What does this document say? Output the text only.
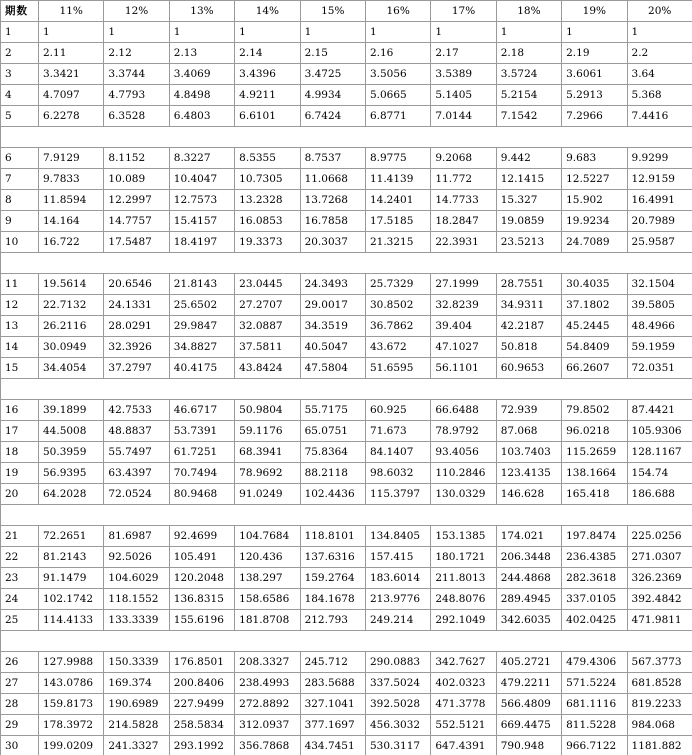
期数	11%	12%	13%	14%	15%	16%	17%	18%	19%	20%
1	1	1	1	1	1	1	1	1	1	1
2	2.11	2.12	2.13	2.14	2.15	2.16	2.17	2.18	2.19	2.2
3	3.3421	3.3744	3.4069	3.4396	3.4725	3.5056	3.5389	3.5724	3.6061	3.64
4	4.7097	4.7793	4.8498	4.9211	4.9934	5.0665	5.1405	5.2154	5.2913	5.368
5	6.2278	6.3528	6.4803	6.6101	6.7424	6.8771	7.0144	7.1542	7.2966	7.4416

6	7.9129	8.1152	8.3227	8.5355	8.7537	8.9775	9.2068	9.442	9.683	9.9299
7	9.7833	10.089	10.4047	10.7305	11.0668	11.4139	11.772	12.1415	12.5227	12.9159
8	11.8594	12.2997	12.7573	13.2328	13.7268	14.2401	14.7733	15.327	15.902	16.4991
9	14.164	14.7757	15.4157	16.0853	16.7858	17.5185	18.2847	19.0859	19.9234	20.7989
10	16.722	17.5487	18.4197	19.3373	20.3037	21.3215	22.3931	23.5213	24.7089	25.9587

11	19.5614	20.6546	21.8143	23.0445	24.3493	25.7329	27.1999	28.7551	30.4035	32.1504
12	22.7132	24.1331	25.6502	27.2707	29.0017	30.8502	32.8239	34.9311	37.1802	39.5805
13	26.2116	28.0291	29.9847	32.0887	34.3519	36.7862	39.404	42.2187	45.2445	48.4966
14	30.0949	32.3926	34.8827	37.5811	40.5047	43.672	47.1027	50.818	54.8409	59.1959
15	34.4054	37.2797	40.4175	43.8424	47.5804	51.6595	56.1101	60.9653	66.2607	72.0351

16	39.1899	42.7533	46.6717	50.9804	55.7175	60.925	66.6488	72.939	79.8502	87.4421
17	44.5008	48.8837	53.7391	59.1176	65.0751	71.673	78.9792	87.068	96.0218	105.9306
18	50.3959	55.7497	61.7251	68.3941	75.8364	84.1407	93.4056	103.7403	115.2659	128.1167
19	56.9395	63.4397	70.7494	78.9692	88.2118	98.6032	110.2846	123.4135	138.1664	154.74
20	64.2028	72.0524	80.9468	91.0249	102.4436	115.3797	130.0329	146.628	165.418	186.688

21	72.2651	81.6987	92.4699	104.7684	118.8101	134.8405	153.1385	174.021	197.8474	225.0256
22	81.2143	92.5026	105.491	120.436	137.6316	157.415	180.1721	206.3448	236.4385	271.0307
23	91.1479	104.6029	120.2048	138.297	159.2764	183.6014	211.8013	244.4868	282.3618	326.2369
24	102.1742	118.1552	136.8315	158.6586	184.1678	213.9776	248.8076	289.4945	337.0105	392.4842
25	114.4133	133.3339	155.6196	181.8708	212.793	249.214	292.1049	342.6035	402.0425	471.9811

26	127.9988	150.3339	176.8501	208.3327	245.712	290.0883	342.7627	405.2721	479.4306	567.3773
27	143.0786	169.374	200.8406	238.4993	283.5688	337.5024	402.0323	479.2211	571.5224	681.8528
28	159.8173	190.6989	227.9499	272.8892	327.1041	392.5028	471.3778	566.4809	681.1116	819.2233
29	178.3972	214.5828	258.5834	312.0937	377.1697	456.3032	552.5121	669.4475	811.5228	984.068
30	199.0209	241.3327	293.1992	356.7868	434.7451	530.3117	647.4391	790.948	966.7122	1181.882
